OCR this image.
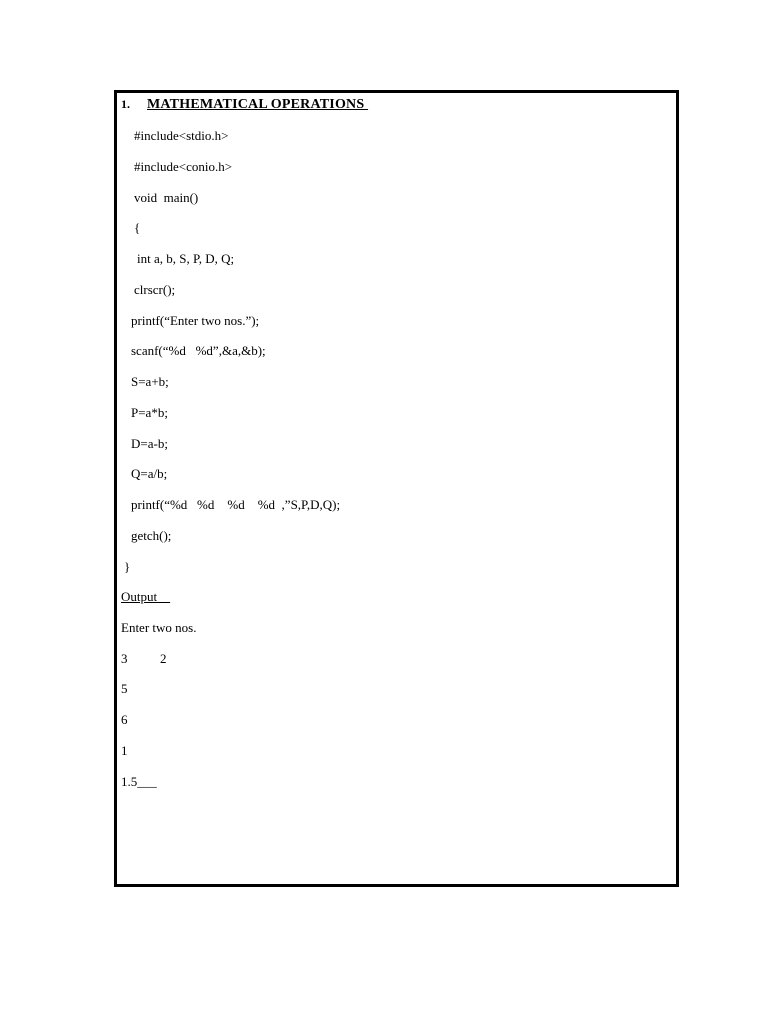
1. MATHEMATICAL OPERATIONS
#include<stdio.h>
#include<conio.h>
void  main()
{
int a, b, S, P, D, Q;
clrscr();
printf(“Enter two nos.”);
scanf(“%d   %d”,&a,&b);
S=a+b;
P=a*b;
D=a-b;
Q=a/b;
printf(“%d   %d    %d    %d  ,”S,P,D,Q);
getch();
}
Output
Enter two nos.
3          2
5
6
1
1.5___
